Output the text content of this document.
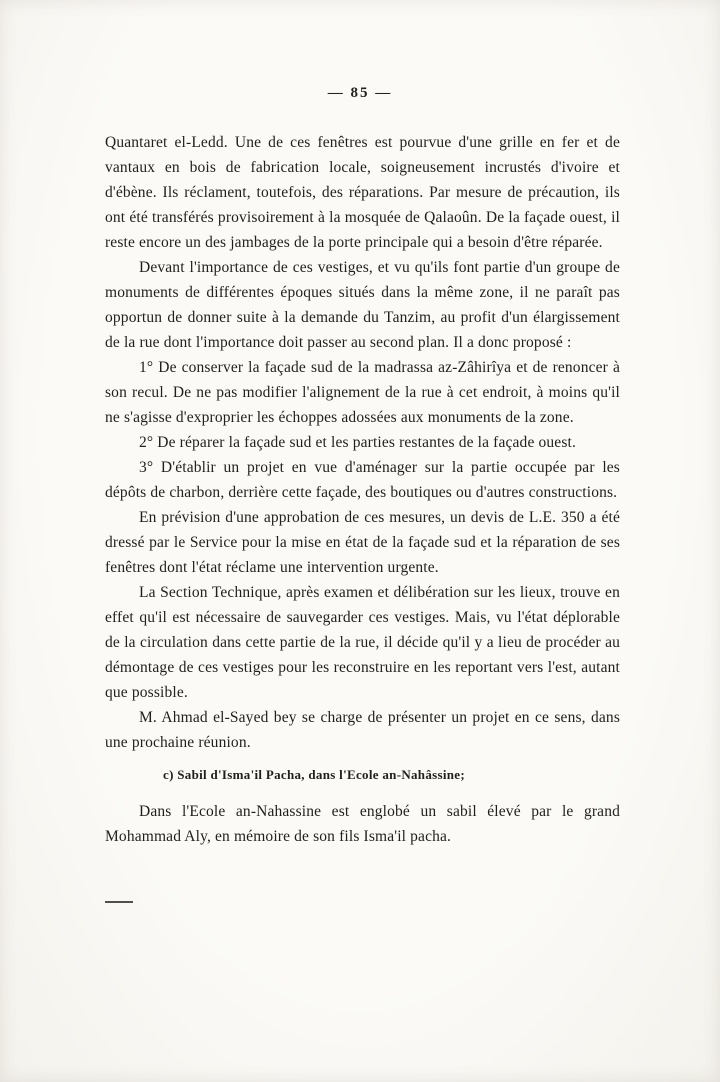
— 85 —

Quantaret el-Ledd. Une de ces fenêtres est pourvue d'une grille en fer et de vantaux en bois de fabrication locale, soigneusement incrustés d'ivoire et d'ébène. Ils réclament, toutefois, des réparations. Par mesure de précaution, ils ont été transférés provisoirement à la mosquée de Qalaoûn. De la façade ouest, il reste encore un des jambages de la porte principale qui a besoin d'être réparée.

Devant l'importance de ces vestiges, et vu qu'ils font partie d'un groupe de monuments de différentes époques situés dans la même zone, il ne paraît pas opportun de donner suite à la demande du Tanzim, au profit d'un élargissement de la rue dont l'importance doit passer au second plan. Il a donc proposé :

1° De conserver la façade sud de la madrassa az-Zâhirîya et de renoncer à son recul. De ne pas modifier l'alignement de la rue à cet endroit, à moins qu'il ne s'agisse d'exproprier les échoppes adossées aux monuments de la zone.

2° De réparer la façade sud et les parties restantes de la façade ouest.

3° D'établir un projet en vue d'aménager sur la partie occupée par les dépôts de charbon, derrière cette façade, des boutiques ou d'autres constructions.

En prévision d'une approbation de ces mesures, un devis de L.E. 350 a été dressé par le Service pour la mise en état de la façade sud et la réparation de ses fenêtres dont l'état réclame une intervention urgente.

La Section Technique, après examen et délibération sur les lieux, trouve en effet qu'il est nécessaire de sauvegarder ces vestiges. Mais, vu l'état déplorable de la circulation dans cette partie de la rue, il décide qu'il y a lieu de procéder au démontage de ces vestiges pour les reconstruire en les reportant vers l'est, autant que possible.

M. Ahmad el-Sayed bey se charge de présenter un projet en ce sens, dans une prochaine réunion.

c) Sabil d'Isma'il Pacha, dans l'Ecole an-Nahâssine;

Dans l'Ecole an-Nahassine est englobé un sabil élevé par le grand Mohammad Aly, en mémoire de son fils Isma'il pacha.
